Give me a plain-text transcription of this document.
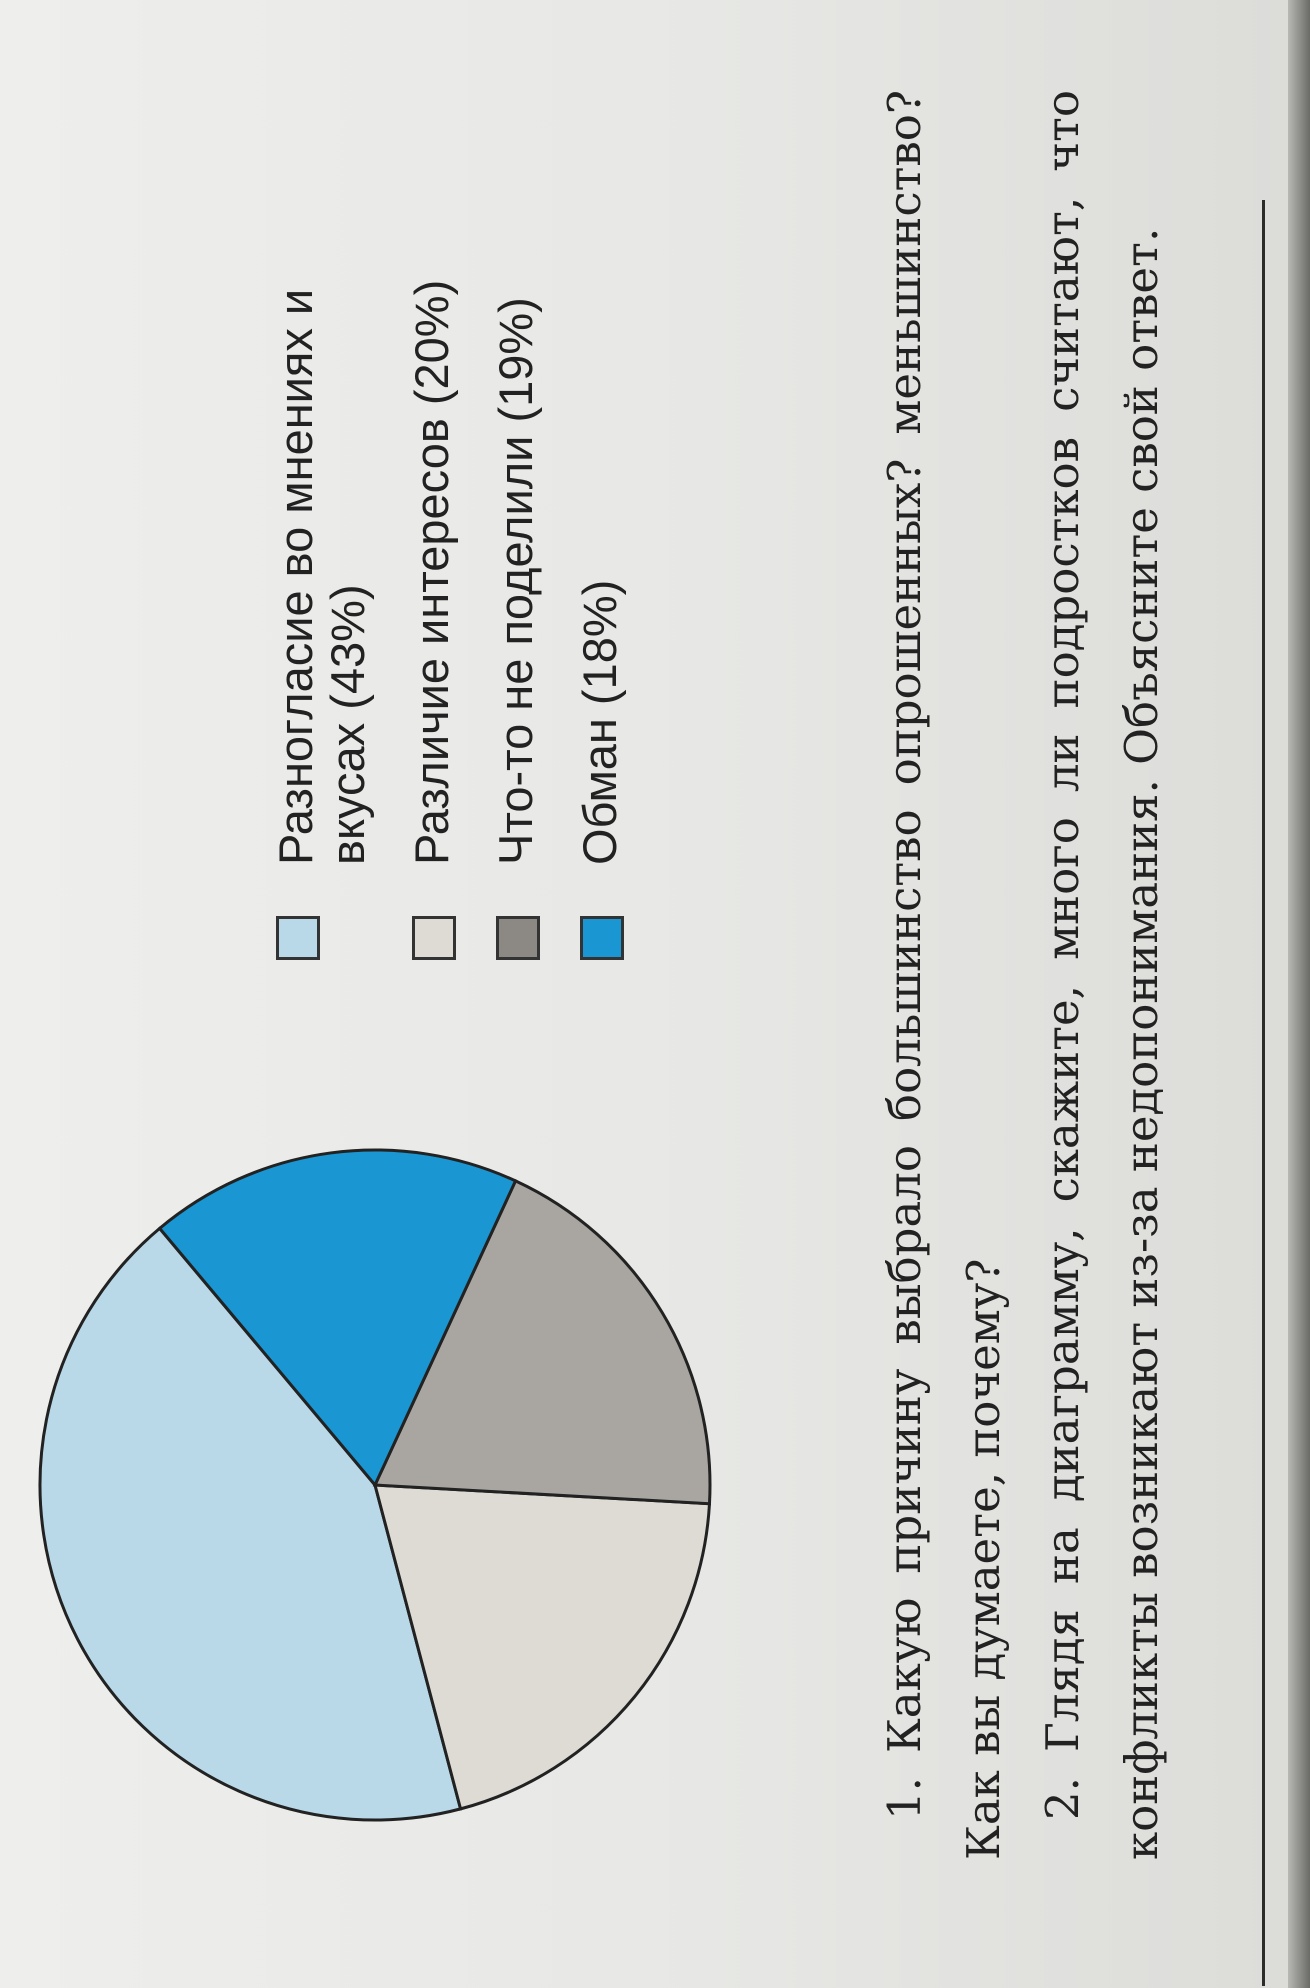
Разногласие во мнениях и вкусах (43%) Различие интересов (20%) Что-то не поделили (19%) Обман (18%)	1. Какую причину выбрало большинство опрошенных? меньшинство? Как вы думаете, почему? 2. Глядя на диаграмму, скажите, много ли подростков считают, что конфликты возникают из-за недопонимания. Объясните свой ответ.
